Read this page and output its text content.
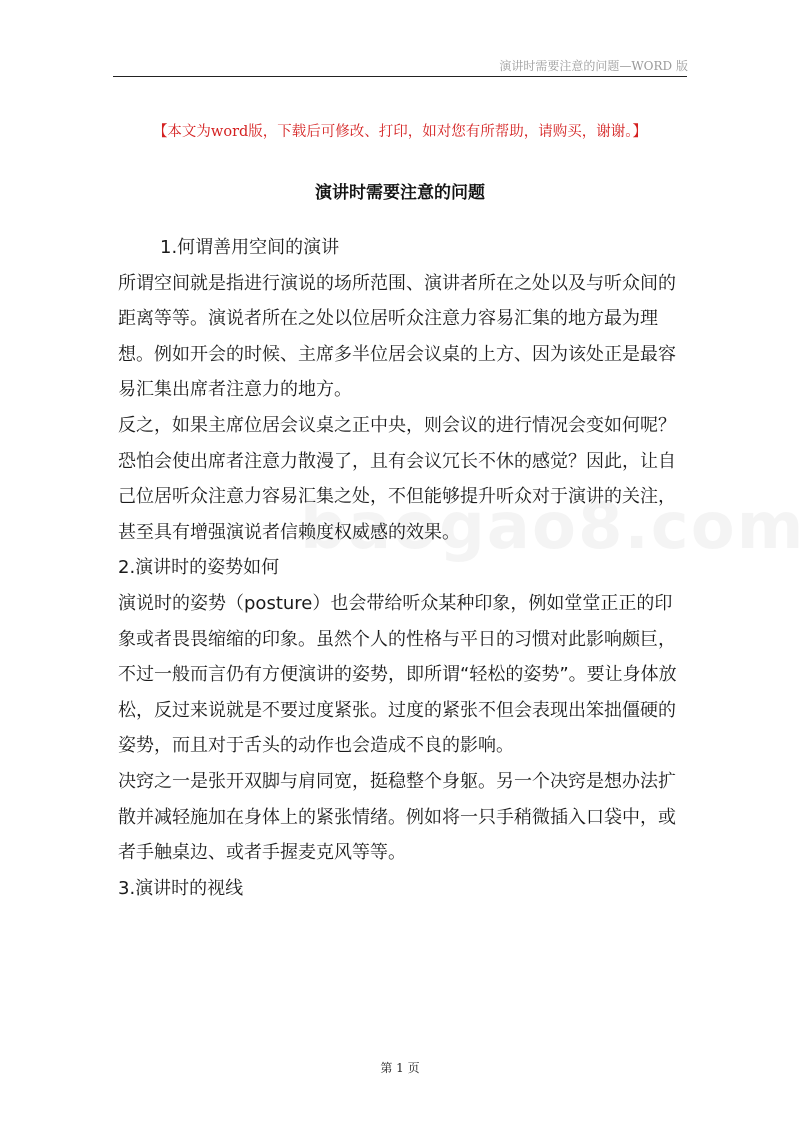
演讲时需要注意的问题—WORD 版
【本文为word版，下载后可修改、打印，如对您有所帮助，请购买，谢谢。】
演讲时需要注意的问题

1.何谓善用空间的演讲

所谓空间就是指进行演说的场所范围、演讲者所在之处以及与听众间的距离等等。演说者所在之处以位居听众注意力容易汇集的地方最为理想。例如开会的时候、主席多半位居会议桌的上方、因为该处正是最容易汇集出席者注意力的地方。

反之，如果主席位居会议桌之正中央，则会议的进行情况会变如何呢？恐怕会使出席者注意力散漫了，且有会议冗长不休的感觉？因此，让自己位居听众注意力容易汇集之处，不但能够提升听众对于演讲的关注，甚至具有增强演说者信赖度权威感的效果。

2.演讲时的姿势如何

演说时的姿势（posture）也会带给听众某种印象，例如堂堂正正的印象或者畏畏缩缩的印象。虽然个人的性格与平日的习惯对此影响颇巨，不过一般而言仍有方便演讲的姿势，即所谓“轻松的姿势”。要让身体放松，反过来说就是不要过度紧张。过度的紧张不但会表现出笨拙僵硬的姿势，而且对于舌头的动作也会造成不良的影响。

决窍之一是张开双脚与肩同宽，挺稳整个身躯。另一个决窍是想办法扩散并减轻施加在身体上的紧张情绪。例如将一只手稍微插入口袋中，或者手触桌边、或者手握麦克风等等。

3.演讲时的视线

第 1 页
